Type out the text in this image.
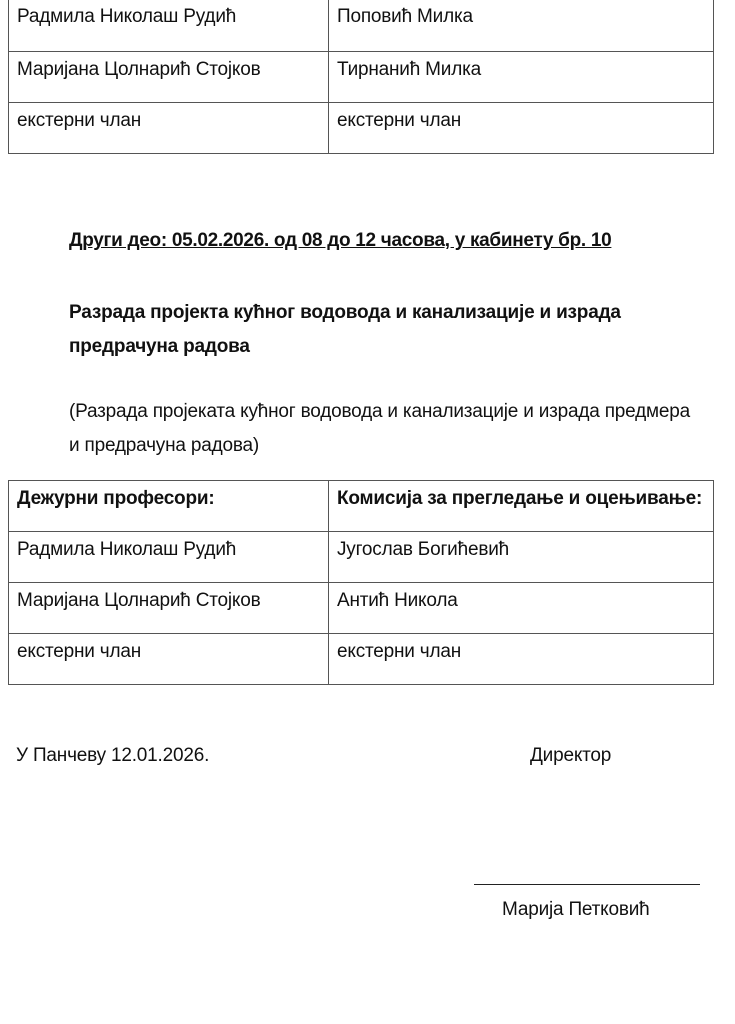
Радмила Николаш Рудић	Поповић Милка

Маријана Цолнарић Стојков	Тирнанић Милка

екстерни члан	екстерни члан
Други део: 05.02.2026. од 08 до 12 часова, у кабинету бр. 10
Разрада пројекта кућног водовода и канализације и израда
предрачуна радова
(Разрада пројеката кућног водовода и канализације и израда предмера
и предрачуна радова)
Дежурни професори:	Комисија за прегледање и оцењивање:

Радмила Николаш Рудић	Југослав Богићевић

Маријана Цолнарић Стојков	Антић Никола

екстерни члан	екстерни члан
У Панчеву 12.01.2026.	Директор
Марија Петковић
